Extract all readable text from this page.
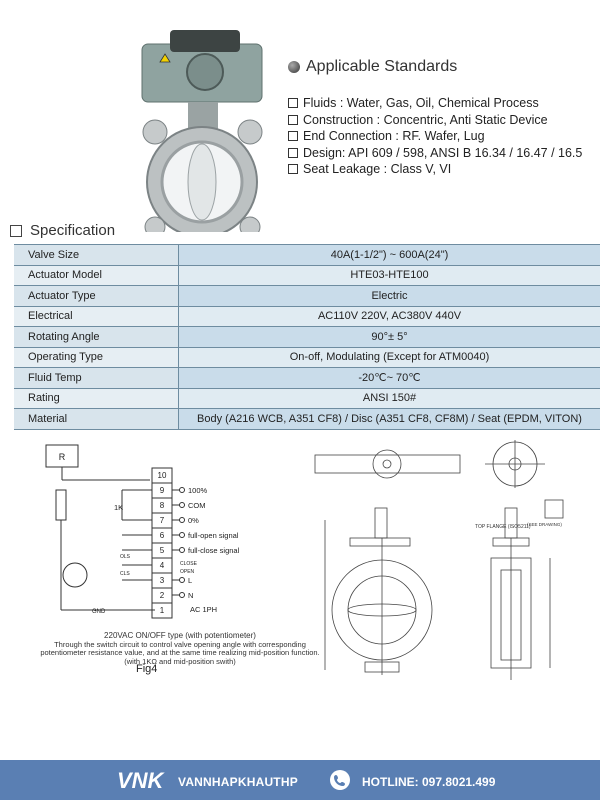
Applicable Standards
Fluids : Water, Gas, Oil, Chemical Process
Construction : Concentric, Anti Static Device
End Connection : RF. Wafer, Lug
Design: API 609 / 598, ANSI B 16.34 / 16.47 / 16.5
Seat Leakage : Class V, VI
Specification
Valve Size	40A(1-1/2") ~ 600A(24")
Actuator Model	HTE03-HTE100
Actuator Type	Electric
Electrical	AC110V 220V, AC380V 440V
Rotating Angle	90°± 5°
Operating Type	On-off, Modulating (Except for ATM0040)
Fluid Temp	-20℃~ 70℃
Rating	ANSI 150#
Material	Body (A216 WCB, A351 CF8) / Disc (A351 CF8, CF8M) / Seat (EPDM, VITON)
R
10
9
8
7
6
5
4
3
2
1
100%
COM
0%
full-open signal
full-close signal
L
N
AC 1PH
1K
CLOSE
OPEN
OLS
CLS
GND
220VAC ON/OFF type (with potentiometer)
Through the switch circuit to control valve opening angle with corresponding potentiometer resistance value, and at the same time realizing mid-position function. (with 1KΩ and mid-position swith)
Fig4
TOP FLANGE (ISO5211)
(SEE DRAWING)
VNK VANNHAPKHAUTHP	HOTLINE: 097.8021.499
